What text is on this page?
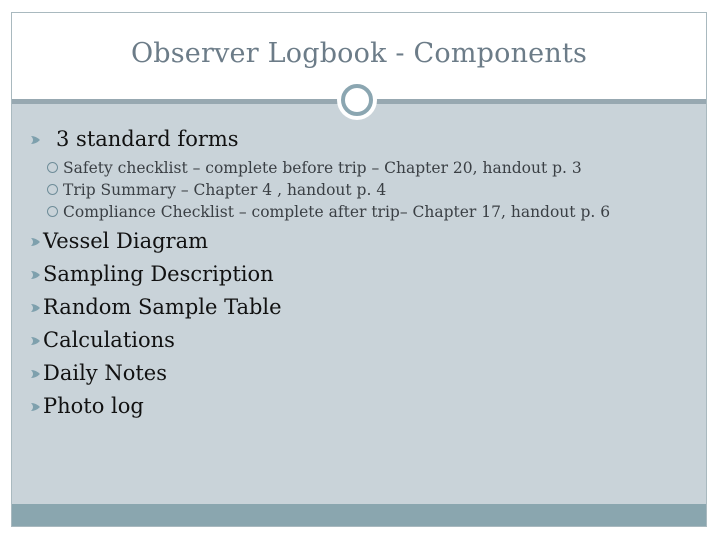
Observer Logbook - Components
3 standard forms
Safety checklist – complete before trip – Chapter 20, handout p. 3
Trip Summary – Chapter 4 , handout p. 4
Compliance Checklist – complete after trip– Chapter 17, handout p. 6
Vessel Diagram
Sampling Description
Random Sample Table
Calculations
Daily Notes
Photo log
